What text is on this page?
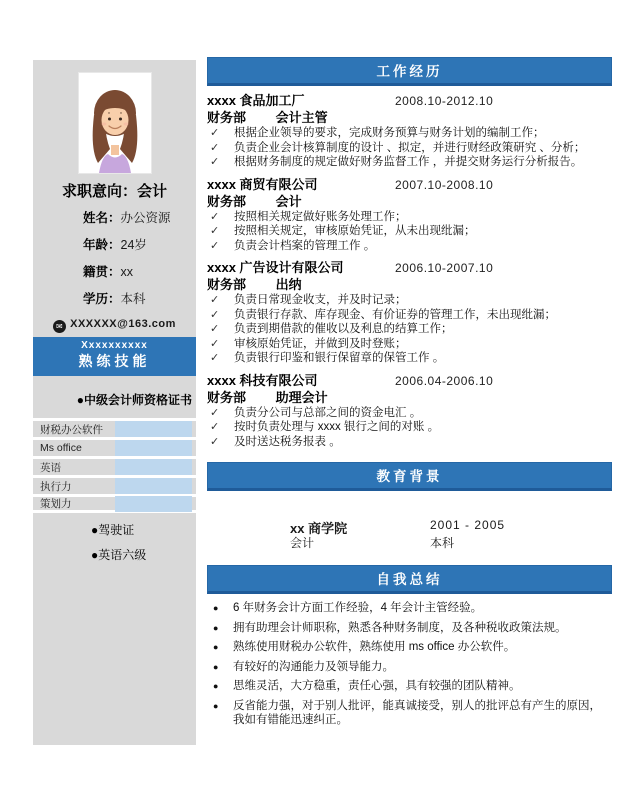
求职意向：会计
姓名：办公资源
年龄：24岁
籍贯：xx
学历：本科
✉ XXXXXX@163.com
Xxxxxxxxxx
熟练技能
●中级会计师资格证书
财税办公软件
Ms office
英语
执行力
策划力
●驾驶证
●英语六级
工作经历
xxxx 食品加工厂	2008.10-2012.10
财务部 会计主管
✓	根据企业领导的要求，完成财务预算与财务计划的编制工作；
✓	负责企业会计核算制度的设计 、拟定，并进行财经政策研究 、分析；
✓	根据财务制度的规定做好财务监督工作 ，并提交财务运行分析报告。
xxxx 商贸有限公司	2007.10-2008.10
财务部 会计
✓	按照相关规定做好账务处理工作；
✓	按照相关规定，审核原始凭证，从未出现纰漏；
✓	负责会计档案的管理工作 。
xxxx 广告设计有限公司	2006.10-2007.10
财务部 出纳
✓	负责日常现金收支，并及时记录；
✓	负责银行存款、库存现金、有价证券的管理工作，未出现纰漏；
✓	负责到期借款的催收以及利息的结算工作；
✓	审核原始凭证，并做到及时登账；
✓	负责银行印鉴和银行保留章的保管工作 。
xxxx 科技有限公司	2006.04-2006.10
财务部 助理会计
✓	负责分公司与总部之间的资金电汇 。
✓	按时负责处理与 xxxx 银行之间的对账 。
✓	及时送达税务报表 。
教育背景
xx 商学院	2001 - 2005
会计	本科
自我总结
●	6 年财务会计方面工作经验，4 年会计主管经验。
●	拥有助理会计师职称，熟悉各种财务制度，及各种税收政策法规。
●	熟练使用财税办公软件，熟练使用 ms office 办公软件。
●	有较好的沟通能力及领导能力。
●	思维灵活，大方稳重，责任心强，具有较强的团队精神。
●	反省能力强，对于别人批评，能真诚接受，别人的批评总有产生的原因，我如有错能迅速纠正。
